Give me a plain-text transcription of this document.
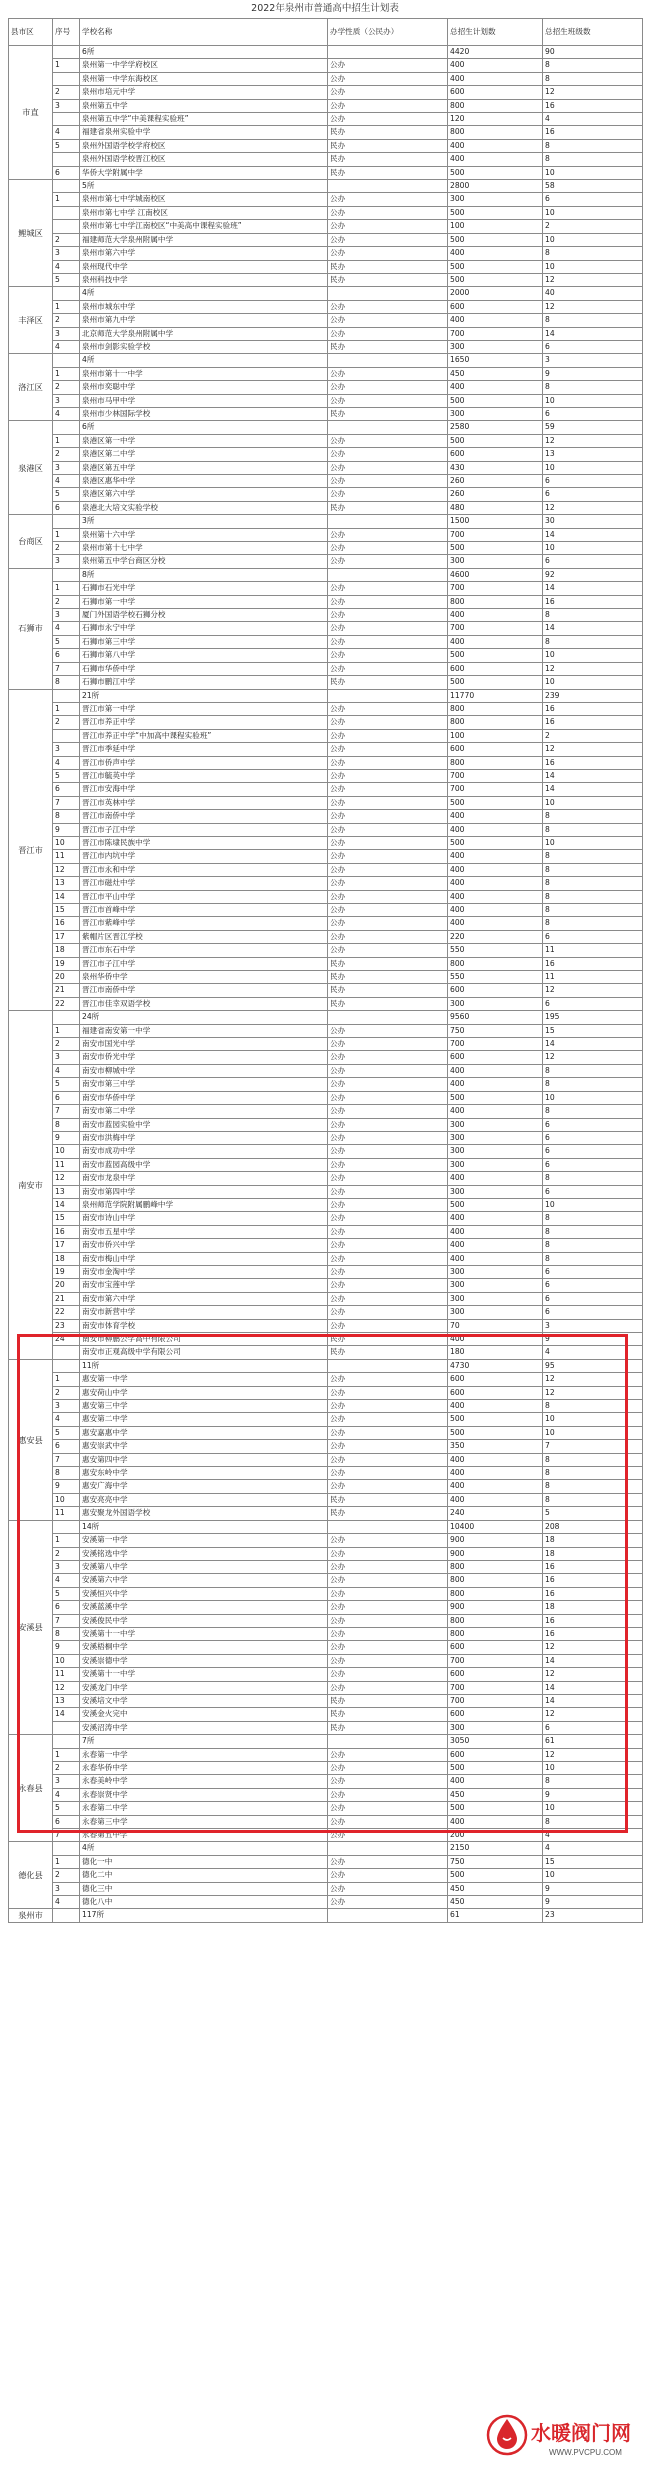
2022年泉州市普通高中招生计划表
县市区	序号	学校名称	办学性质（公民办）	总招生计划数	总招生班级数
市直		6所		4420	90
	1	泉州第一中学学府校区	公办	400	8
		泉州第一中学东海校区	公办	400	8
	2	泉州市培元中学	公办	600	12
	3	泉州第五中学	公办	800	16
		泉州第五中学“中美课程实验班”	公办	120	4
	4	福建省泉州实验中学	民办	800	16
	5	泉州外国语学校学府校区	民办	400	8
		泉州外国语学校晋江校区	民办	400	8
	6	华侨大学附属中学	民办	500	10
鲤城区		5所		2800	58
	1	泉州市第七中学城南校区	公办	300	6
		泉州市第七中学 江南校区	公办	500	10
		泉州市第七中学江南校区“中美高中课程实验班”	公办	100	2
	2	福建师范大学泉州附属中学	公办	500	10
	3	泉州市第六中学	公办	400	8
	4	泉州现代中学	民办	500	10
	5	泉州科技中学	民办	500	12
丰泽区		4所		2000	40
	1	泉州市城东中学	公办	600	12
	2	泉州市第九中学	公办	400	8
	3	北京师范大学泉州附属中学	公办	700	14
	4	泉州市剑影实验学校	民办	300	6
洛江区		4所		1650	3
	1	泉州市第十一中学	公办	450	9
	2	泉州市奕聪中学	公办	400	8
	3	泉州市马甲中学	公办	500	10
	4	泉州市少林国际学校	民办	300	6
泉港区		6所		2580	59
	1	泉港区第一中学	公办	500	12
	2	泉港区第二中学	公办	600	13
	3	泉港区第五中学	公办	430	10
	4	泉港区惠华中学	公办	260	6
	5	泉港区第六中学	公办	260	6
	6	泉港北大培文实验学校	民办	480	12
台商区		3所		1500	30
	1	泉州第十六中学	公办	700	14
	2	泉州市第十七中学	公办	500	10
	3	泉州第五中学台商区分校	公办	300	6
石狮市		8所		4600	92
	1	石狮市石光中学	公办	700	14
	2	石狮市第一中学	公办	800	16
	3	厦门外国语学校石狮分校	公办	400	8
	4	石狮市永宁中学	公办	700	14
	5	石狮市第三中学	公办	400	8
	6	石狮市第八中学	公办	500	10
	7	石狮市华侨中学	公办	600	12
	8	石狮市鹏江中学	民办	500	10
晋江市		21所		11770	239
	1	晋江市第一中学	公办	800	16
	2	晋江市养正中学	公办	800	16
		晋江市养正中学“中加高中课程实验班”	公办	100	2
	3	晋江市季延中学	公办	600	12
	4	晋江市侨声中学	公办	800	16
	5	晋江市毓英中学	公办	700	14
	6	晋江市安海中学	公办	700	14
	7	晋江市英林中学	公办	500	10
	8	晋江市南侨中学	公办	400	8
	9	晋江市子江中学	公办	400	8
	10	晋江市陈埭民族中学	公办	500	10
	11	晋江市内坑中学	公办	400	8
	12	晋江市永和中学	公办	400	8
	13	晋江市磁灶中学	公办	400	8
	14	晋江市平山中学	公办	400	8
	15	晋江市首峰中学	公办	400	8
	16	晋江市紫峰中学	公办	400	8
	17	紫帽片区晋江学校	公办	220	6
	18	晋江市东石中学	公办	550	11
	19	晋江市子江中学	民办	800	16
	20	泉州华侨中学	民办	550	11
	21	晋江市南侨中学	民办	600	12
	22	晋江市佳幸双语学校	民办	300	6
南安市		24所		9560	195
	1	福建省南安第一中学	公办	750	15
	2	南安市国光中学	公办	700	14
	3	南安市侨光中学	公办	600	12
	4	南安市柳城中学	公办	400	8
	5	南安市第三中学	公办	400	8
	6	南安市华侨中学	公办	500	10
	7	南安市第二中学	公办	400	8
	8	南安市蓝园实验中学	公办	300	6
	9	南安市洪梅中学	公办	300	6
	10	南安市成功中学	公办	300	6
	11	南安市蓝园高级中学	公办	300	6
	12	南安市龙泉中学	公办	400	8
	13	南安市第四中学	公办	300	6
	14	泉州师范学院附属鹏峰中学	公办	500	10
	15	南安市诗山中学	公办	400	8
	16	南安市五星中学	公办	400	8
	17	南安市侨兴中学	公办	400	8
	18	南安市梅山中学	公办	400	8
	19	南安市金淘中学	公办	300	6
	20	南安市宝莲中学	公办	300	6
	21	南安市第六中学	公办	300	6
	22	南安市新营中学	公办	300	6
	23	南安市体育学校	公办	70	3
	24	南安市柳鹏公学高中有限公司	民办	400	9
		南安市正观高级中学有限公司	民办	180	4
惠安县		11所		4730	95
	1	惠安第一中学	公办	600	12
	2	惠安荷山中学	公办	600	12
	3	惠安第三中学	公办	400	8
	4	惠安第二中学	公办	500	10
	5	惠安嘉惠中学	公办	500	10
	6	惠安崇武中学	公办	350	7
	7	惠安第四中学	公办	400	8
	8	惠安东岭中学	公办	400	8
	9	惠安广海中学	公办	400	8
	10	惠安亮亮中学	民办	400	8
	11	惠安聚龙外国语学校	民办	240	5
安溪县		14所		10400	208
	1	安溪第一中学	公办	900	18
	2	安溪铭选中学	公办	900	18
	3	安溪第八中学	公办	800	16
	4	安溪第六中学	公办	800	16
	5	安溪恒兴中学	公办	800	16
	6	安溪蓝溪中学	公办	900	18
	7	安溪俊民中学	公办	800	16
	8	安溪第十一中学	公办	800	16
	9	安溪梧桐中学	公办	600	12
	10	安溪崇德中学	公办	700	14
	11	安溪第十一中学	公办	600	12
	12	安溪龙门中学	公办	700	14
	13	安溪培文中学	民办	700	14
	14	安溪金火完中	民办	600	12
		安溪沼涛中学	民办	300	6
永春县		7所		3050	61
	1	永春第一中学	公办	600	12
	2	永春华侨中学	公办	500	10
	3	永春美岭中学	公办	400	8
	4	永春崇贤中学	公办	450	9
	5	永春第二中学	公办	500	10
	6	永春第三中学	公办	400	8
	7	永春第五中学	公办	200	4
德化县		4所		2150	4
	1	德化一中	公办	750	15
	2	德化二中	公办	500	10
	3	德化三中	公办	450	9
	4	德化八中	公办	450	9
泉州市		117所		61	23
水暖阀门网
WWW.PVCPU.COM
